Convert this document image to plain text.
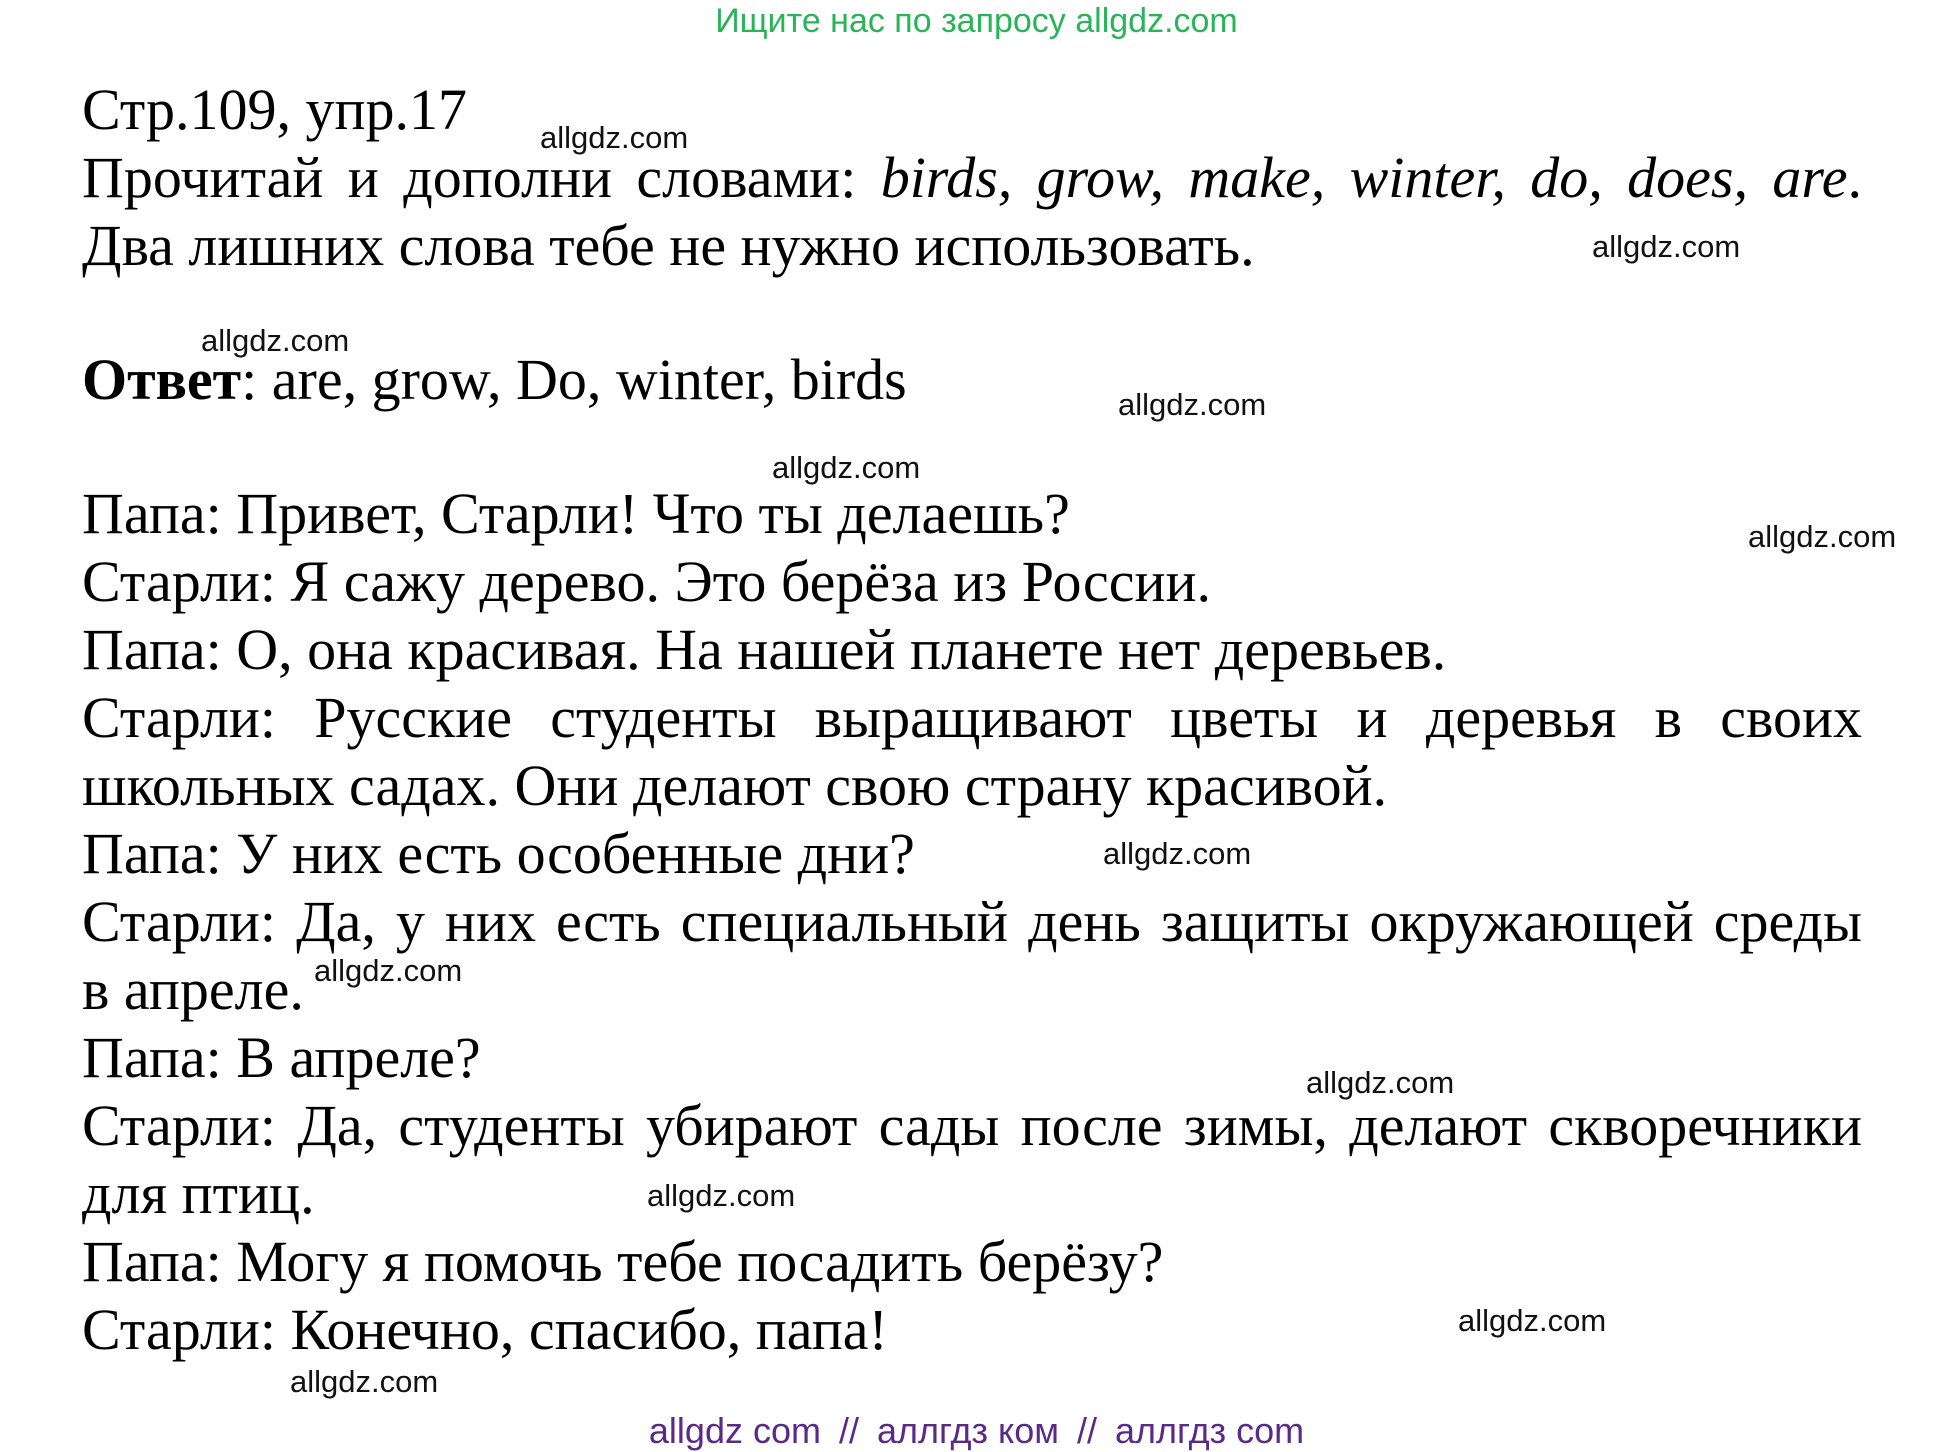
Ищите нас по запросу allgdz.com

Стр.109, упр.17

Прочитай и дополни словами: birds, grow, make, winter, do, does, are.

Два лишних слова тебе не нужно использовать.

Ответ: are, grow, Do, winter, birds

Папа: Привет, Старли! Что ты делаешь?

Старли: Я сажу дерево. Это берёза из России.

Папа: О, она красивая. На нашей планете нет деревьев.

Старли: Русские студенты выращивают цветы и деревья в своих

школьных садах. Они делают свою страну красивой.

Папа: У них есть особенные дни?

Старли: Да, у них есть специальный день защиты окружающей среды

в апреле.

Папа: В апреле?

Старли: Да, студенты убирают сады после зимы, делают скворечники

для птиц.

Папа: Могу я помочь тебе посадить берёзу?

Старли: Конечно, спасибо, папа!

allgdz.com
allgdz.com
allgdz.com
allgdz.com
allgdz.com
allgdz.com
allgdz.com
allgdz.com
allgdz.com
allgdz.com
allgdz.com
allgdz.com
allgdz com // аллгдз ком // аллгдз com
